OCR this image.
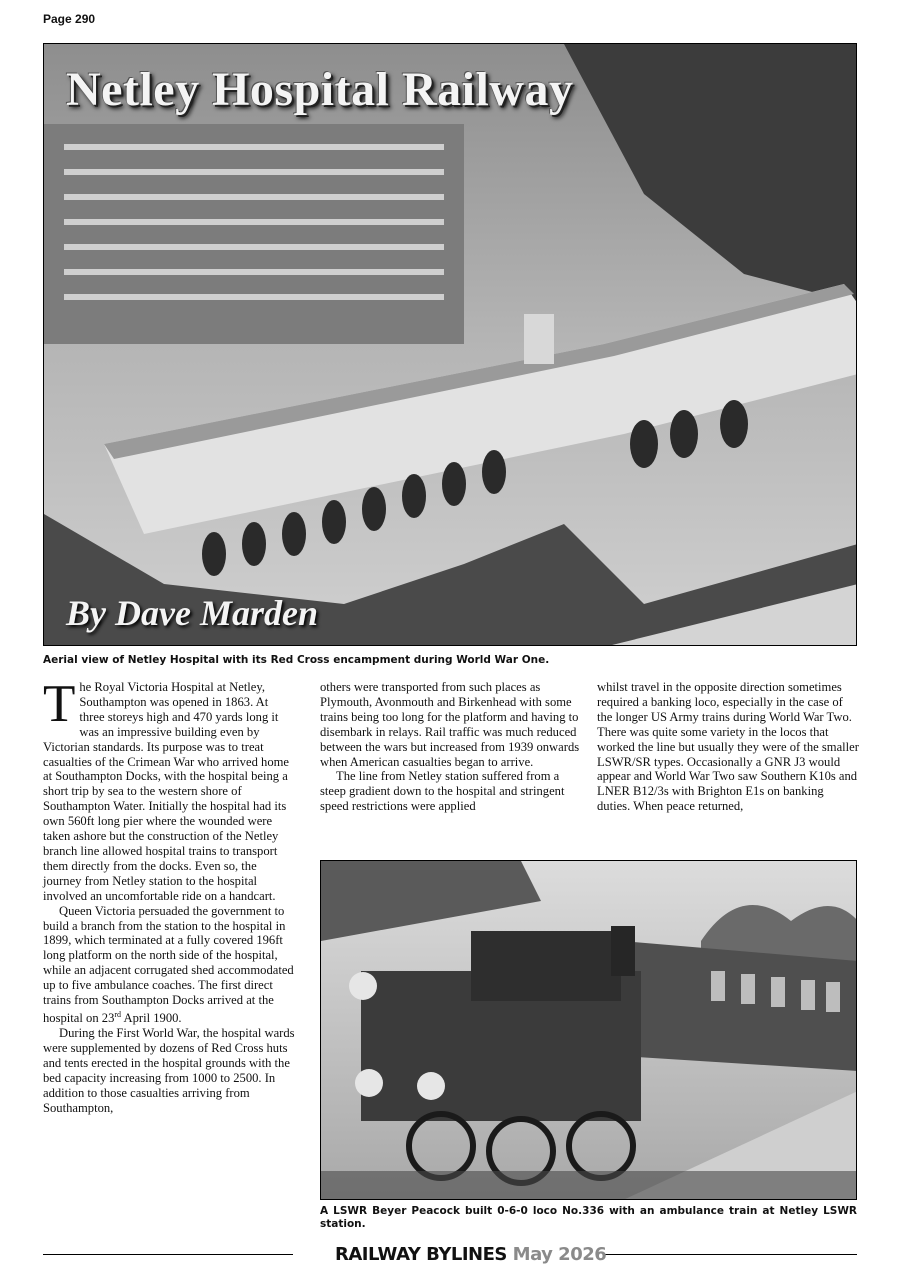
Page 290
Netley Hospital Railway
By Dave Marden
Aerial view of Netley Hospital with its Red Cross encampment during World War One.

The Royal Victoria Hospital at Netley, Southampton was opened in 1863. At three storeys high and 470 yards long it was an impressive building even by Victorian standards. Its purpose was to treat casualties of the Crimean War who arrived home at Southampton Docks, with the hospital being a short trip by sea to the western shore of Southampton Water. Initially the hospital had its own 560ft long pier where the wounded were taken ashore but the construction of the Netley branch line allowed hospital trains to transport them directly from the docks. Even so, the journey from Netley station to the hospital involved an uncomfortable ride on a handcart.

Queen Victoria persuaded the government to build a branch from the station to the hospital in 1899, which terminated at a fully covered 196ft long platform on the north side of the hospital, while an adjacent corrugated shed accommodated up to five ambulance coaches. The first direct trains from Southampton Docks arrived at the hospital on 23rd April 1900.

During the First World War, the hospital wards were supplemented by dozens of Red Cross huts and tents erected in the hospital grounds with the bed capacity increasing from 1000 to 2500. In addition to those casualties arriving from Southampton,

others were transported from such places as Plymouth, Avonmouth and Birkenhead with some trains being too long for the platform and having to disembark in relays. Rail traffic was much reduced between the wars but increased from 1939 onwards when American casualties began to arrive.

The line from Netley station suffered from a steep gradient down to the hospital and stringent speed restrictions were applied

whilst travel in the opposite direction sometimes required a banking loco, especially in the case of the longer US Army trains during World War Two. There was quite some variety in the locos that worked the line but usually they were of the smaller LSWR/SR types. Occasionally a GNR J3 would appear and World War Two saw Southern K10s and LNER B12/3s with Brighton E1s on banking duties. When peace returned,

A LSWR Beyer Peacock built 0-6-0 loco No.336 with an ambulance train at Netley LSWR station.
RAILWAY BYLINES May 2026
